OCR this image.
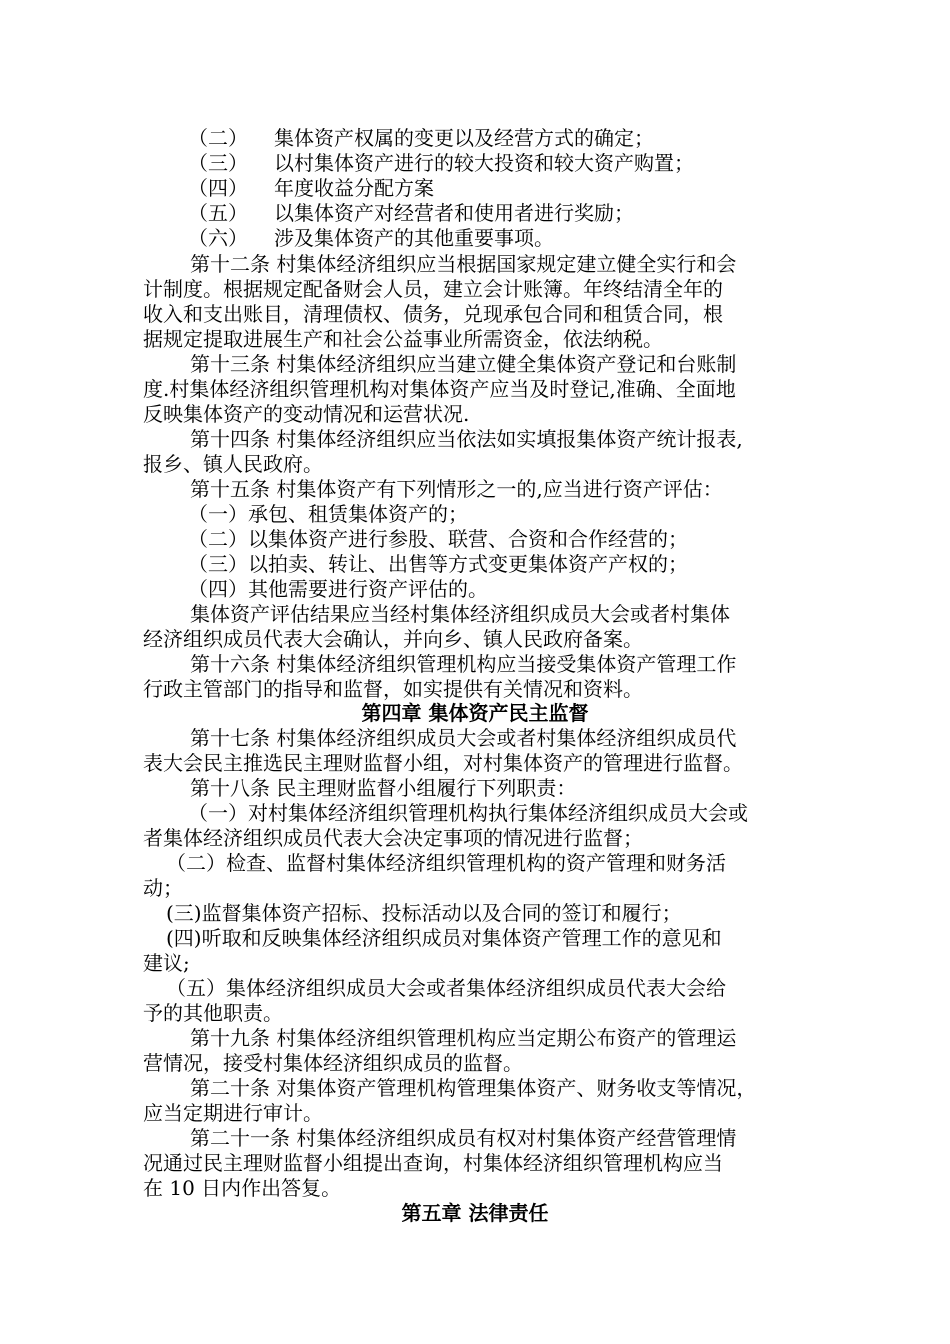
（二） 集体资产权属的变更以及经营方式的确定；
（三） 以村集体资产进行的较大投资和较大资产购置；
（四） 年度收益分配方案
（五） 以集体资产对经营者和使用者进行奖励；
（六） 涉及集体资产的其他重要事项。
第十二条 村集体经济组织应当根据国家规定建立健全实行和会
计制度。根据规定配备财会人员，建立会计账簿。年终结清全年的
收入和支出账目，清理债权、债务，兑现承包合同和租赁合同，根
据规定提取进展生产和社会公益事业所需资金，依法纳税。
第十三条 村集体经济组织应当建立健全集体资产登记和台账制
度.村集体经济组织管理机构对集体资产应当及时登记,准确、全面地
反映集体资产的变动情况和运营状况.
第十四条 村集体经济组织应当依法如实填报集体资产统计报表,
报乡、镇人民政府。
第十五条 村集体资产有下列情形之一的,应当进行资产评估：
（一）承包、租赁集体资产的；
（二）以集体资产进行参股、联营、合资和合作经营的；
（三）以拍卖、转让、出售等方式变更集体资产产权的；
（四）其他需要进行资产评估的。
集体资产评估结果应当经村集体经济组织成员大会或者村集体
经济组织成员代表大会确认，并向乡、镇人民政府备案。
第十六条 村集体经济组织管理机构应当接受集体资产管理工作
行政主管部门的指导和监督，如实提供有关情况和资料。
第四章 集体资产民主监督
第十七条 村集体经济组织成员大会或者村集体经济组织成员代
表大会民主推选民主理财监督小组，对村集体资产的管理进行监督。
第十八条 民主理财监督小组履行下列职责：
（一）对村集体经济组织管理机构执行集体经济组织成员大会或
者集体经济组织成员代表大会决定事项的情况进行监督；
（二）检查、监督村集体经济组织管理机构的资产管理和财务活
动；
(三)监督集体资产招标、投标活动以及合同的签订和履行；
(四)听取和反映集体经济组织成员对集体资产管理工作的意见和
建议;
（五）集体经济组织成员大会或者集体经济组织成员代表大会给
予的其他职责。
第十九条 村集体经济组织管理机构应当定期公布资产的管理运
营情况，接受村集体经济组织成员的监督。
第二十条 对集体资产管理机构管理集体资产、财务收支等情况，
应当定期进行审计。
第二十一条 村集体经济组织成员有权对村集体资产经营管理情
况通过民主理财监督小组提出查询，村集体经济组织管理机构应当
在 10 日内作出答复。
第五章 法律责任
